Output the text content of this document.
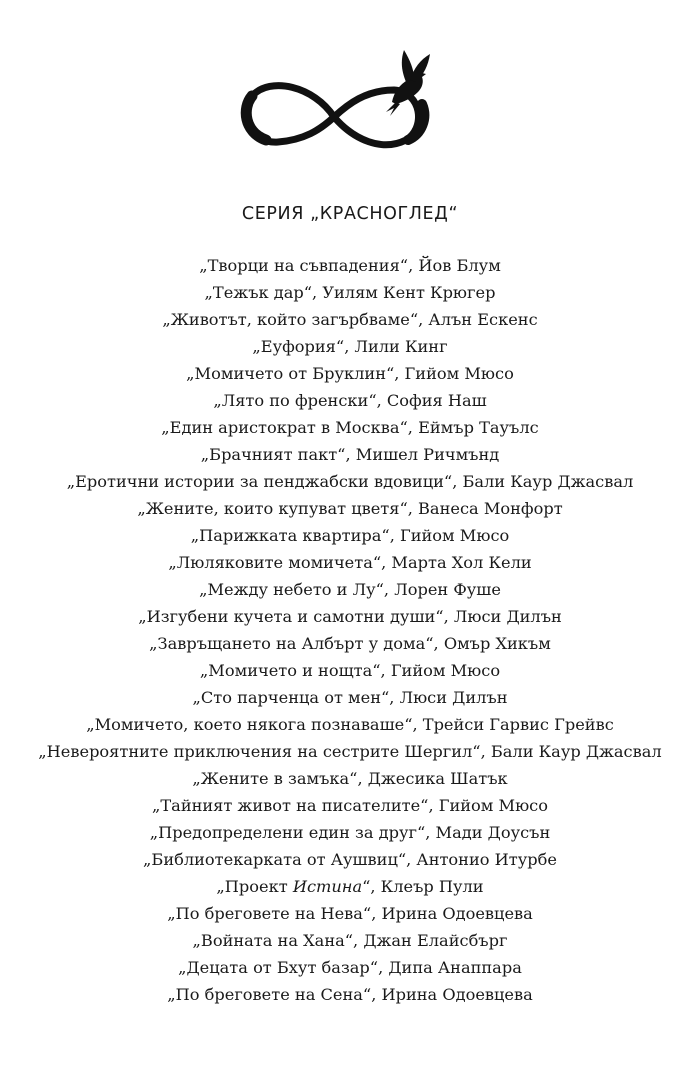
СЕРИЯ „КРАСНОГЛЕД“
„Творци на съвпадения“, Йов Блум
„Тежък дар“, Уилям Кент Крюгер
„Животът, който загърбваме“, Алън Ескенс
„Еуфория“, Лили Кинг
„Момичето от Бруклин“, Гийом Мюсо
„Лято по френски“, София Наш
„Един аристократ в Москва“, Еймър Тауълс
„Брачният пакт“, Мишел Ричмънд
„Еротични истории за пенджабски вдовици“, Бали Каур Джасвал
„Жените, които купуват цветя“, Ванеса Монфорт
„Парижката квартира“, Гийом Мюсо
„Люляковите момичета“, Марта Хол Кели
„Между небето и Лу“, Лорен Фуше
„Изгубени кучета и самотни души“, Люси Дилън
„Завръщането на Албърт у дома“, Омър Хикъм
„Момичето и нощта“, Гийом Мюсо
„Сто парченца от мен“, Люси Дилън
„Момичето, което някога познаваше“, Трейси Гарвис Грейвс
„Невероятните приключения на сестрите Шергил“, Бали Каур Джасвал
„Жените в замъка“, Джесика Шатък
„Тайният живот на писателите“, Гийом Мюсо
„Предопределени един за друг“, Мади Доусън
„Библиотекарката от Аушвиц“, Антонио Итурбе
„Проект Истина“, Клеър Пули
„По бреговете на Нева“, Ирина Одоевцева
„Войната на Хана“, Джан Елайсбърг
„Децата от Бхут базар“, Дипа Анаппара
„По бреговете на Сена“, Ирина Одоевцева
